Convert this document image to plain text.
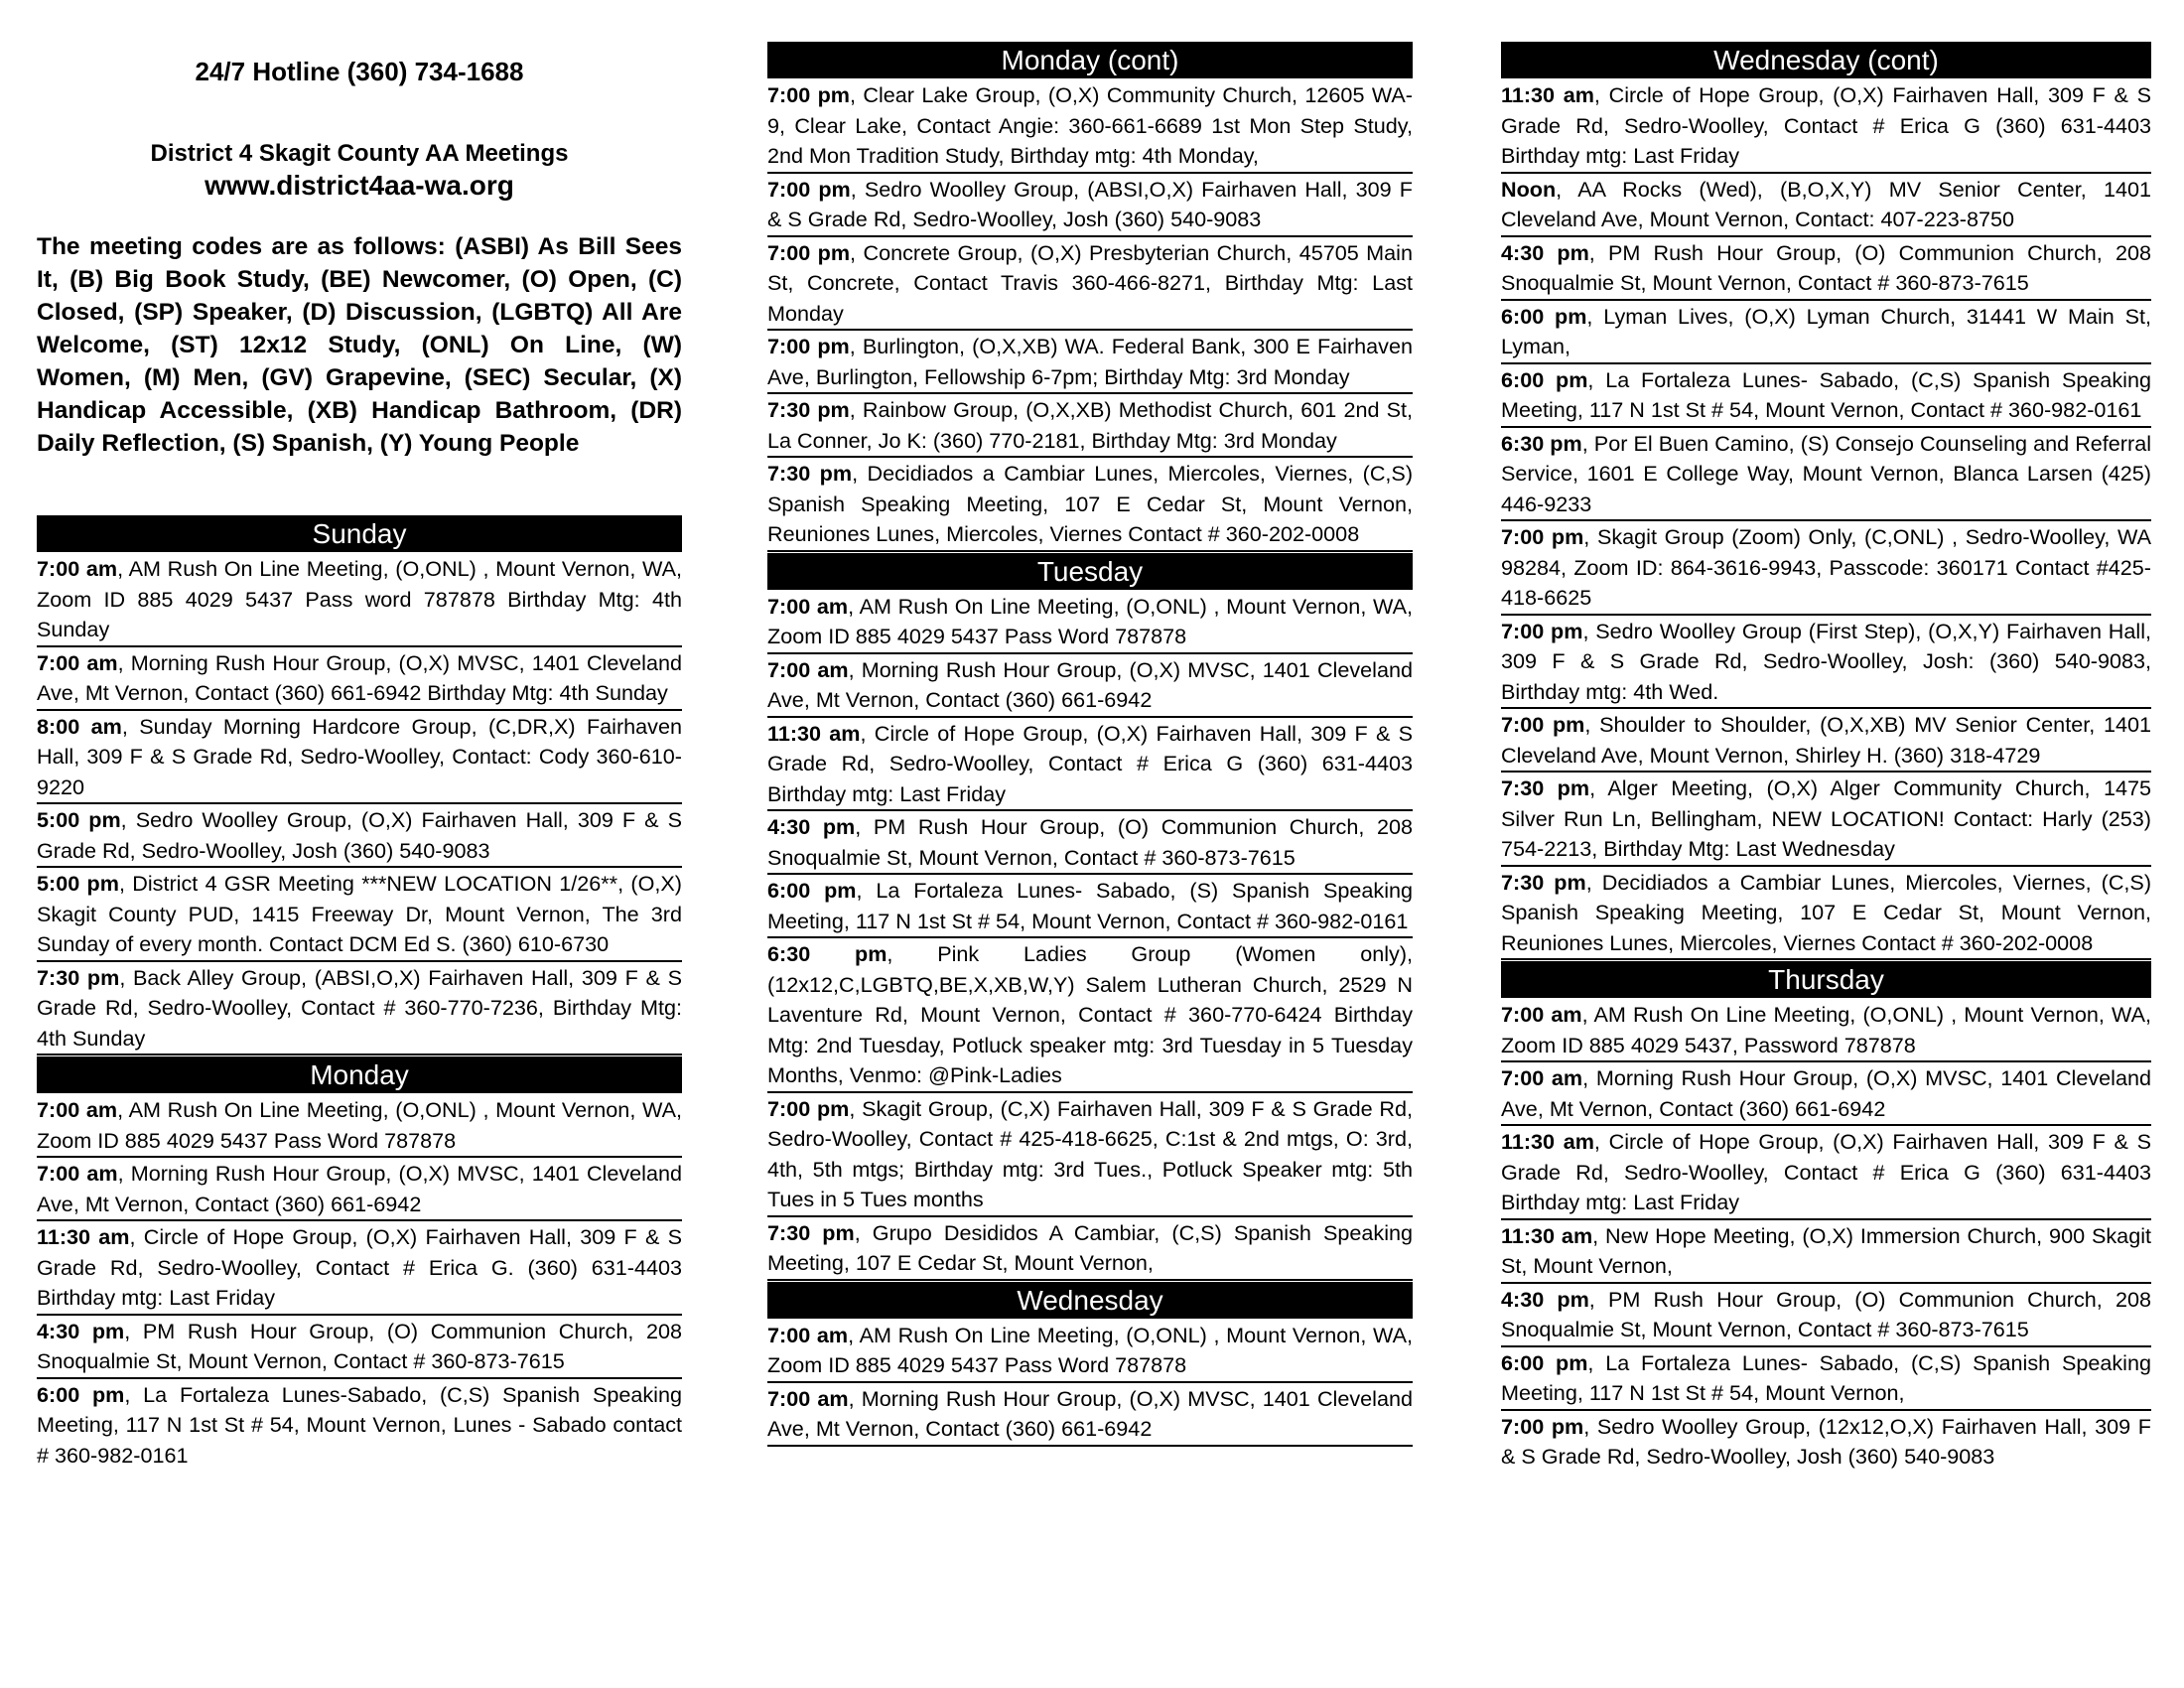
24/7 Hotline (360) 734-1688
District 4 Skagit County AA Meetings
www.district4aa-wa.org

The meeting codes are as follows: (ASBI) As Bill Sees It, (B) Big Book Study, (BE) Newcomer, (O) Open, (C) Closed, (SP) Speaker, (D) Discussion, (LGBTQ) All Are Welcome, (ST) 12x12 Study, (ONL) On Line, (W) Women, (M) Men, (GV) Grapevine, (SEC) Secular, (X) Handicap Accessible, (XB) Handicap Bathroom, (DR) Daily Reflection, (S) Spanish, (Y) Young People

Sunday
7:00 am, AM Rush On Line Meeting, (O,ONL) , Mount Vernon, WA, Zoom ID 885 4029 5437 Pass word 787878 Birthday Mtg: 4th Sunday
7:00 am, Morning Rush Hour Group, (O,X) MVSC, 1401 Cleveland Ave, Mt Vernon, Contact (360) 661-6942 Birthday Mtg: 4th Sunday
8:00 am, Sunday Morning Hardcore Group, (C,DR,X) Fairhaven Hall, 309 F & S Grade Rd, Sedro-Woolley, Contact: Cody 360-610-9220
5:00 pm, Sedro Woolley Group, (O,X) Fairhaven Hall, 309 F & S Grade Rd, Sedro-Woolley, Josh (360) 540-9083
5:00 pm, District 4 GSR Meeting ***NEW LOCATION 1/26**, (O,X) Skagit County PUD, 1415 Freeway Dr, Mount Vernon, The 3rd Sunday of every month. Contact DCM Ed S. (360) 610-6730
7:30 pm, Back Alley Group, (ABSI,O,X) Fairhaven Hall, 309 F & S Grade Rd, Sedro-Woolley, Contact # 360-770-7236, Birthday Mtg: 4th Sunday
Monday
7:00 am, AM Rush On Line Meeting, (O,ONL) , Mount Vernon, WA, Zoom ID 885 4029 5437 Pass Word 787878
7:00 am, Morning Rush Hour Group, (O,X) MVSC, 1401 Cleveland Ave, Mt Vernon, Contact (360) 661-6942
11:30 am, Circle of Hope Group, (O,X) Fairhaven Hall, 309 F & S Grade Rd, Sedro-Woolley, Contact # Erica G. (360) 631-4403 Birthday mtg: Last Friday
4:30 pm, PM Rush Hour Group, (O) Communion Church, 208 Snoqualmie St, Mount Vernon, Contact # 360-873-7615
6:00 pm, La Fortaleza Lunes-Sabado, (C,S) Spanish Speaking Meeting, 117 N 1st St # 54, Mount Vernon, Lunes - Sabado contact # 360-982-0161
Monday (cont)
7:00 pm, Clear Lake Group, (O,X) Community Church, 12605 WA-9, Clear Lake, Contact Angie: 360-661-6689 1st Mon Step Study, 2nd Mon Tradition Study, Birthday mtg: 4th Monday,
7:00 pm, Sedro Woolley Group, (ABSI,O,X) Fairhaven Hall, 309 F & S Grade Rd, Sedro-Woolley, Josh (360) 540-9083
7:00 pm, Concrete Group, (O,X) Presbyterian Church, 45705 Main St, Concrete, Contact Travis 360-466-8271, Birthday Mtg: Last Monday
7:00 pm, Burlington, (O,X,XB) WA. Federal Bank, 300 E Fairhaven Ave, Burlington, Fellowship 6-7pm; Birthday Mtg: 3rd Monday
7:30 pm, Rainbow Group, (O,X,XB) Methodist Church, 601 2nd St, La Conner, Jo K: (360) 770-2181, Birthday Mtg: 3rd Monday
7:30 pm, Decidiados a Cambiar Lunes, Miercoles, Viernes, (C,S) Spanish Speaking Meeting, 107 E Cedar St, Mount Vernon, Reuniones Lunes, Miercoles, Viernes Contact # 360-202-0008
Tuesday
7:00 am, AM Rush On Line Meeting, (O,ONL) , Mount Vernon, WA, Zoom ID 885 4029 5437 Pass Word 787878
7:00 am, Morning Rush Hour Group, (O,X) MVSC, 1401 Cleveland Ave, Mt Vernon, Contact (360) 661-6942
11:30 am, Circle of Hope Group, (O,X) Fairhaven Hall, 309 F & S Grade Rd, Sedro-Woolley, Contact # Erica G (360) 631-4403 Birthday mtg: Last Friday
4:30 pm, PM Rush Hour Group, (O) Communion Church, 208 Snoqualmie St, Mount Vernon, Contact # 360-873-7615
6:00 pm, La Fortaleza Lunes- Sabado, (S) Spanish Speaking Meeting, 117 N 1st St # 54, Mount Vernon, Contact # 360-982-0161
6:30 pm, Pink Ladies Group (Women only), (12x12,C,LGBTQ,BE,X,XB,W,Y) Salem Lutheran Church, 2529 N Laventure Rd, Mount Vernon, Contact # 360-770-6424 Birthday Mtg: 2nd Tuesday, Potluck speaker mtg: 3rd Tuesday in 5 Tuesday Months, Venmo: @Pink-Ladies
7:00 pm, Skagit Group, (C,X) Fairhaven Hall, 309 F & S Grade Rd, Sedro-Woolley, Contact # 425-418-6625, C:1st & 2nd mtgs, O: 3rd, 4th, 5th mtgs; Birthday mtg: 3rd Tues., Potluck Speaker mtg: 5th Tues in 5 Tues months
7:30 pm, Grupo Desididos A Cambiar, (C,S) Spanish Speaking Meeting, 107 E Cedar St, Mount Vernon,
Wednesday
7:00 am, AM Rush On Line Meeting, (O,ONL) , Mount Vernon, WA, Zoom ID 885 4029 5437 Pass Word 787878
7:00 am, Morning Rush Hour Group, (O,X) MVSC, 1401 Cleveland Ave, Mt Vernon, Contact (360) 661-6942
Wednesday (cont)
11:30 am, Circle of Hope Group, (O,X) Fairhaven Hall, 309 F & S Grade Rd, Sedro-Woolley, Contact # Erica G (360) 631-4403 Birthday mtg: Last Friday
Noon, AA Rocks (Wed), (B,O,X,Y) MV Senior Center, 1401 Cleveland Ave, Mount Vernon, Contact: 407-223-8750
4:30 pm, PM Rush Hour Group, (O) Communion Church, 208 Snoqualmie St, Mount Vernon, Contact # 360-873-7615
6:00 pm, Lyman Lives, (O,X) Lyman Church, 31441 W Main St, Lyman,
6:00 pm, La Fortaleza Lunes- Sabado, (C,S) Spanish Speaking Meeting, 117 N 1st St # 54, Mount Vernon, Contact # 360-982-0161
6:30 pm, Por El Buen Camino, (S) Consejo Counseling and Referral Service, 1601 E College Way, Mount Vernon, Blanca Larsen (425) 446-9233
7:00 pm, Skagit Group (Zoom) Only, (C,ONL) , Sedro-Woolley, WA 98284, Zoom ID: 864-3616-9943, Passcode: 360171 Contact #425-418-6625
7:00 pm, Sedro Woolley Group (First Step), (O,X,Y) Fairhaven Hall, 309 F & S Grade Rd, Sedro-Woolley, Josh: (360) 540-9083, Birthday mtg: 4th Wed.
7:00 pm, Shoulder to Shoulder, (O,X,XB) MV Senior Center, 1401 Cleveland Ave, Mount Vernon, Shirley H. (360) 318-4729
7:30 pm, Alger Meeting, (O,X) Alger Community Church, 1475 Silver Run Ln, Bellingham, NEW LOCATION! Contact: Harly (253) 754-2213, Birthday Mtg: Last Wednesday
7:30 pm, Decidiados a Cambiar Lunes, Miercoles, Viernes, (C,S) Spanish Speaking Meeting, 107 E Cedar St, Mount Vernon, Reuniones Lunes, Miercoles, Viernes Contact # 360-202-0008
Thursday
7:00 am, AM Rush On Line Meeting, (O,ONL) , Mount Vernon, WA, Zoom ID 885 4029 5437, Password 787878
7:00 am, Morning Rush Hour Group, (O,X) MVSC, 1401 Cleveland Ave, Mt Vernon, Contact (360) 661-6942
11:30 am, Circle of Hope Group, (O,X) Fairhaven Hall, 309 F & S Grade Rd, Sedro-Woolley, Contact # Erica G (360) 631-4403 Birthday mtg: Last Friday
11:30 am, New Hope Meeting, (O,X) Immersion Church, 900 Skagit St, Mount Vernon,
4:30 pm, PM Rush Hour Group, (O) Communion Church, 208 Snoqualmie St, Mount Vernon, Contact # 360-873-7615
6:00 pm, La Fortaleza Lunes- Sabado, (C,S) Spanish Speaking Meeting, 117 N 1st St # 54, Mount Vernon,
7:00 pm, Sedro Woolley Group, (12x12,O,X) Fairhaven Hall, 309 F & S Grade Rd, Sedro-Woolley, Josh (360) 540-9083
